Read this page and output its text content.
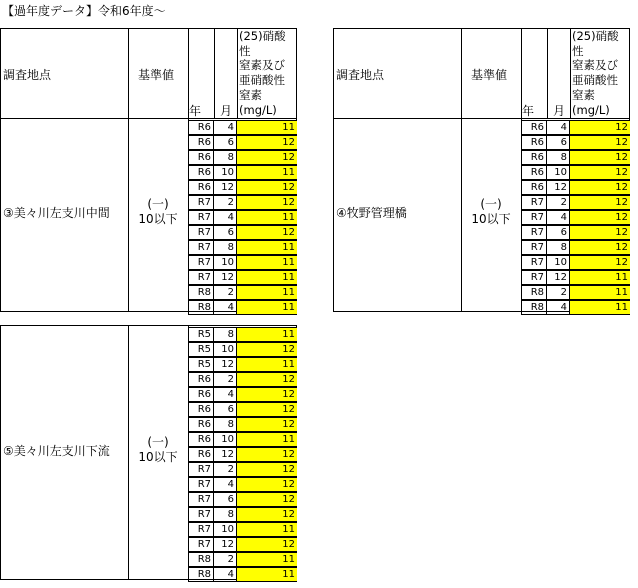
【過年度データ】令和6年度～
調査地点	基準値
年 月
(25)硝酸
性
窒素及び
亜硝酸性
窒素
(mg/L)
③美々川左支川中間
(一)
10以下
R6	4	11
R6	6	12
R6	8	12
R6	10	11
R6	12	12
R7	2	12
R7	4	11
R7	6	12
R7	8	11
R7	10	11
R7	12	11
R8	2	11
R8	4	11
調査地点	基準値
年 月
(25)硝酸
性
窒素及び
亜硝酸性
窒素
(mg/L)
④牧野管理橋
(一)
10以下
R6	4	12
R6	6	12
R6	8	12
R6	10	12
R6	12	12
R7	2	12
R7	4	12
R7	6	12
R7	8	12
R7	10	12
R7	12	11
R8	2	11
R8	4	11
⑤美々川左支川下流
(一)
10以下
R5	8	11
R5	10	12
R5	12	11
R6	2	12
R6	4	12
R6	6	12
R6	8	12
R6	10	11
R6	12	12
R7	2	12
R7	4	12
R7	6	12
R7	8	12
R7	10	11
R7	12	12
R8	2	11
R8	4	11
